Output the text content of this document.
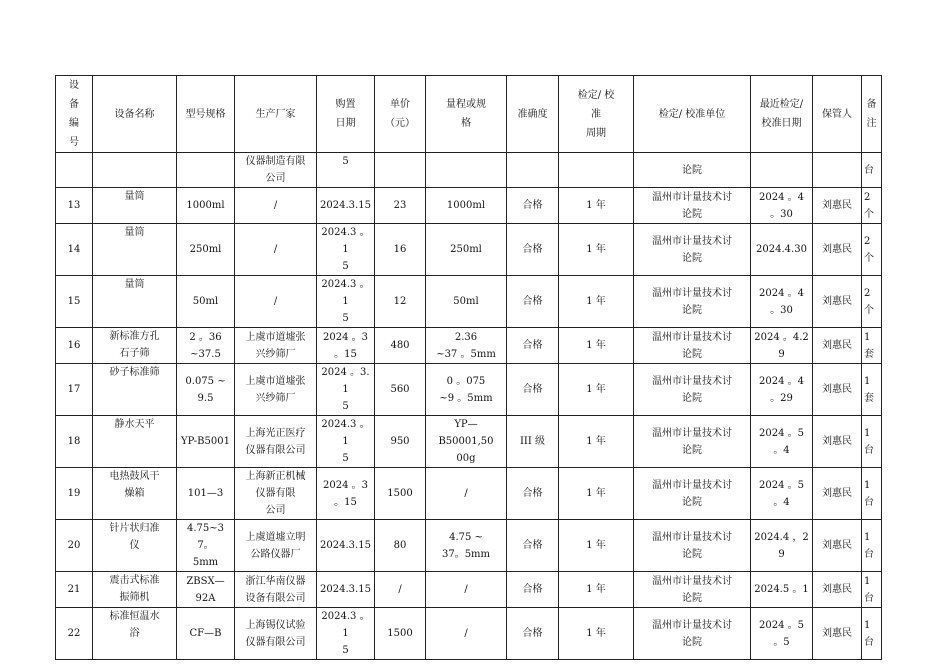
设
备
编
号	设备名称	型号规格	生产厂家	购置
日期	单价
（元）	量程或规
格	准确度	检定/ 校
准
周期	检定/ 校准单位	最近检定/
校准日期	保管人	备
注
			仪器制造有限
公司	5					论院			台
13	量筒	1000ml	/	2024.3.15	23	1000ml	合格	1 年	温州市计量技术讨
论院	2024 。4
。30	刘惠民	2
个
14	量筒	250ml	/	2024.3 。1
5	16	250ml	合格	1 年	温州市计量技术讨
论院	2024.4.30	刘惠民	2
个
15	量筒	50ml	/	2024.3 。1
5	12	50ml	合格	1 年	温州市计量技术讨
论院	2024 。4
。30	刘惠民	2
个
16	新标准方孔
石子筛	2 。36
~37.5	上虞市道墟张
兴纱筛厂	2024 。3
。15	480	2.36
~37 。5mm	合格	1 年	温州市计量技术讨
论院	2024 。4.2
9	刘惠民	1
套
17	砂子标准筛	0.075 ~
9.5	上虞市道墟张
兴纱筛厂	2024 。3.1
5	560	0 。075
~9 。5mm	合格	1 年	温州市计量技术讨
论院	2024 。4
。29	刘惠民	1
套
18	静水天平	YP-B5001	上海光正医疗
仪器有限公司	2024.3 。1
5	950	YP—
B50001,50
00g	III 级	1 年	温州市计量技术讨
论院	2024 。5
。4	刘惠民	1
台
19	电热鼓风干
燥箱	101—3	上海新正机械
仪器有限
公司	2024 。3
。15	1500	/	合格	1 年	温州市计量技术讨
论院	2024 。5
。4	刘惠民	1
台
20	针片状归准
仪	4.75~37。
5mm	上虞道墟立明
公路仪器厂	2024.3.15	80	4.75 ~
37。5mm	合格	1 年	温州市计量技术讨
论院	2024.4 ，2
9	刘惠民	1
台
21	震击式标准
振筛机	ZBSX—
92A	浙江华南仪器
设备有限公司	2024.3.15	/	/	合格	1 年	温州市计量技术讨
论院	2024.5 。1	刘惠民	1
台
22	标准恒温水
浴	CF—B	上海锡仪试验
仪器有限公司	2024.3 。1
5	1500	/	合格	1 年	温州市计量技术讨
论院	2024 。5
。5	刘惠民	1
台
